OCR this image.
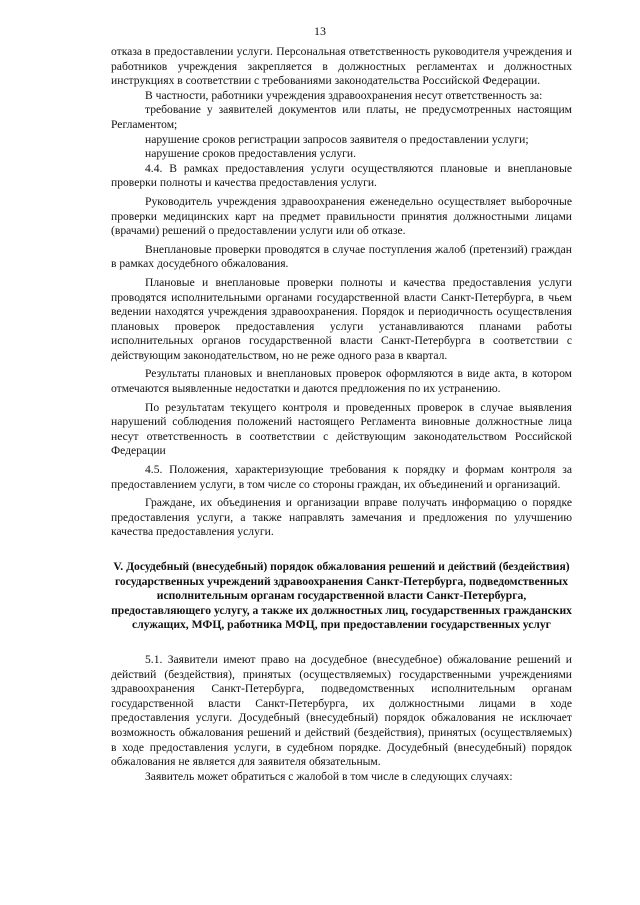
13

отказа в предоставлении услуги. Персональная ответственность руководителя учреждения и работников учреждения закрепляется в должностных регламентах и должностных инструкциях в соответствии с требованиями законодательства Российской Федерации.

В частности, работники учреждения здравоохранения несут ответственность за:

требование у заявителей документов или платы, не предусмотренных настоящим Регламентом;

нарушение сроков регистрации запросов заявителя о предоставлении услуги;

нарушение сроков предоставления услуги.

4.4. В рамках предоставления услуги осуществляются плановые и внеплановые проверки полноты и качества предоставления услуги.

Руководитель учреждения здравоохранения еженедельно осуществляет выборочные проверки медицинских карт на предмет правильности принятия должностными лицами (врачами) решений о предоставлении услуги или об отказе.

Внеплановые проверки проводятся в случае поступления жалоб (претензий) граждан в рамках досудебного обжалования.

Плановые и внеплановые проверки полноты и качества предоставления услуги проводятся исполнительными органами государственной власти Санкт-Петербурга, в чьем ведении находятся учреждения здравоохранения. Порядок и периодичность осуществления плановых проверок предоставления услуги устанавливаются планами работы исполнительных органов государственной власти Санкт-Петербурга в соответствии с действующим законодательством, но не реже одного раза в квартал.

Результаты плановых и внеплановых проверок оформляются в виде акта, в котором отмечаются выявленные недостатки и даются предложения по их устранению.

По результатам текущего контроля и проведенных проверок в случае выявления нарушений соблюдения положений настоящего Регламента виновные должностные лица несут ответственность в соответствии с действующим законодательством Российской Федерации

4.5. Положения, характеризующие требования к порядку и формам контроля за предоставлением услуги, в том числе со стороны граждан, их объединений и организаций.

Граждане, их объединения и организации вправе получать информацию о порядке предоставления услуги, а также направлять замечания и предложения по улучшению качества предоставления услуги.

V. Досудебный (внесудебный) порядок обжалования решений и действий (бездействия) государственных учреждений здравоохранения Санкт-Петербурга, подведомственных исполнительным органам государственной власти Санкт-Петербурга, предоставляющего услугу, а также их должностных лиц, государственных гражданских служащих, МФЦ, работника МФЦ, при предоставлении государственных услуг

5.1. Заявители имеют право на досудебное (внесудебное) обжалование решений и действий (бездействия), принятых (осуществляемых) государственными учреждениями здравоохранения Санкт-Петербурга, подведомственных исполнительным органам государственной власти Санкт-Петербурга, их должностными лицами в ходе предоставления услуги. Досудебный (внесудебный) порядок обжалования не исключает возможность обжалования решений и действий (бездействия), принятых (осуществляемых) в ходе предоставления услуги, в судебном порядке. Досудебный (внесудебный) порядок обжалования не является для заявителя обязательным.

Заявитель может обратиться с жалобой в том числе в следующих случаях:
